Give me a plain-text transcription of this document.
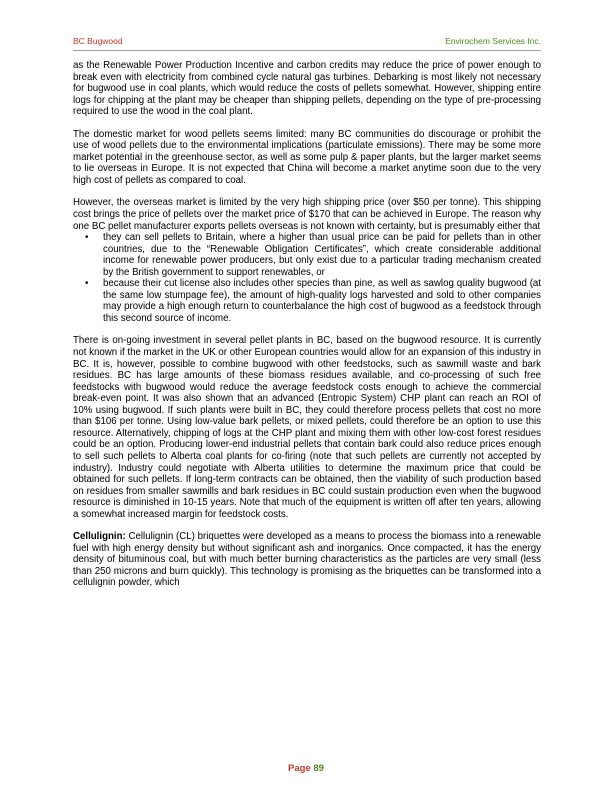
BC Bugwood	Envirochem Services Inc.

as the Renewable Power Production Incentive and carbon credits may reduce the price of power enough to break even with electricity from combined cycle natural gas turbines. Debarking is most likely not necessary for bugwood use in coal plants, which would reduce the costs of pellets somewhat. However, shipping entire logs for chipping at the plant may be cheaper than shipping pellets, depending on the type of pre-processing required to use the wood in the coal plant.

The domestic market for wood pellets seems limited: many BC communities do discourage or prohibit the use of wood pellets due to the environmental implications (particulate emissions). There may be some more market potential in the greenhouse sector, as well as some pulp & paper plants, but the larger market seems to lie overseas in Europe. It is not expected that China will become a market anytime soon due to the very high cost of pellets as compared to coal.

However, the overseas market is limited by the very high shipping price (over $50 per tonne). This shipping cost brings the price of pellets over the market price of $170 that can be achieved in Europe. The reason why one BC pellet manufacturer exports pellets overseas is not known with certainty, but is presumably either that

• they can sell pellets to Britain, where a higher than usual price can be paid for pellets than in other countries, due to the “Renewable Obligation Certificates”, which create considerable additional income for renewable power producers, but only exist due to a particular trading mechanism created by the British government to support renewables, or
• because their cut license also includes other species than pine, as well as sawlog quality bugwood (at the same low stumpage fee), the amount of high-quality logs harvested and sold to other companies may provide a high enough return to counterbalance the high cost of bugwood as a feedstock through this second source of income.

There is on-going investment in several pellet plants in BC, based on the bugwood resource. It is currently not known if the market in the UK or other European countries would allow for an expansion of this industry in BC. It is, however, possible to combine bugwood with other feedstocks, such as sawmill waste and bark residues. BC has large amounts of these biomass residues available, and co-processing of such free feedstocks with bugwood would reduce the average feedstock costs enough to achieve the commercial break-even point. It was also shown that an advanced (Entropic System) CHP plant can reach an ROI of 10% using bugwood. If such plants were built in BC, they could therefore process pellets that cost no more than $106 per tonne. Using low-value bark pellets, or mixed pellets, could therefore be an option to use this resource. Alternatively, chipping of logs at the CHP plant and mixing them with other low-cost forest residues could be an option. Producing lower-end industrial pellets that contain bark could also reduce prices enough to sell such pellets to Alberta coal plants for co-firing (note that such pellets are currently not accepted by industry). Industry could negotiate with Alberta utilities to determine the maximum price that could be obtained for such pellets. If long-term contracts can be obtained, then the viability of such production based on residues from smaller sawmills and bark residues in BC could sustain production even when the bugwood resource is diminished in 10-15 years. Note that much of the equipment is written off after ten years, allowing a somewhat increased margin for feedstock costs.

Cellulignin: Cellulignin (CL) briquettes were developed as a means to process the biomass into a renewable fuel with high energy density but without significant ash and inorganics. Once compacted, it has the energy density of bituminous coal, but with much better burning characteristics as the particles are very small (less than 250 microns and burn quickly). This technology is promising as the briquettes can be transformed into a cellulignin powder, which

Page 89
